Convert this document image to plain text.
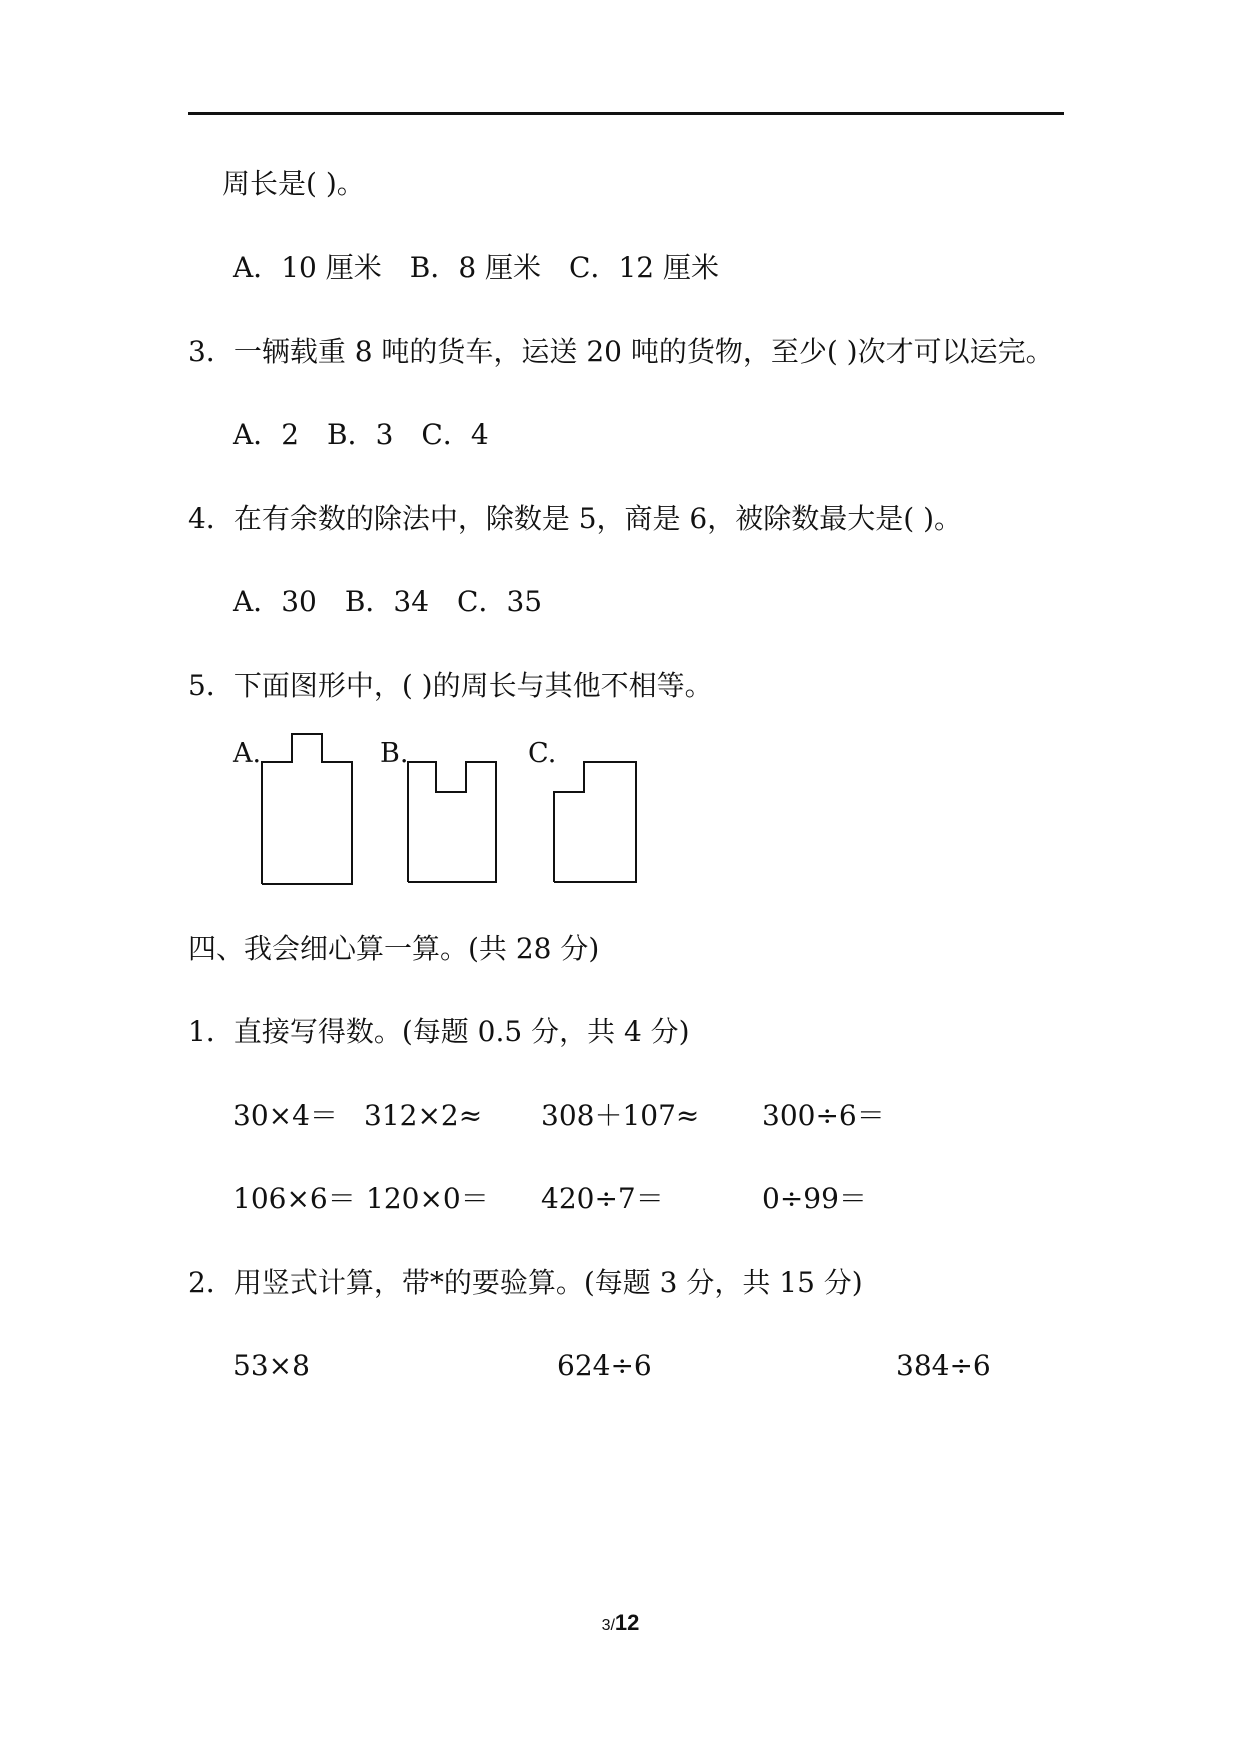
周长是( )。
A．10 厘米　B．8 厘米　C．12 厘米
3．一辆载重 8 吨的货车，运送 20 吨的货物，至少( )次才可以运完。
A．2　B．3　C．4
4．在有余数的除法中，除数是 5，商是 6，被除数最大是( )。
A．30　B．34　C．35
5．下面图形中，( )的周长与其他不相等。
A.	B.	C.
四、我会细心算一算。(共 28 分)
1．直接写得数。(每题 0.5 分，共 4 分)
30×4＝ 312×2≈ 308＋107≈ 300÷6＝
106×6＝ 120×0＝ 420÷7＝	0÷99＝
2．用竖式计算，带*的要验算。(每题 3 分，共 15 分)
53×8	624÷6	384÷6
3/12
